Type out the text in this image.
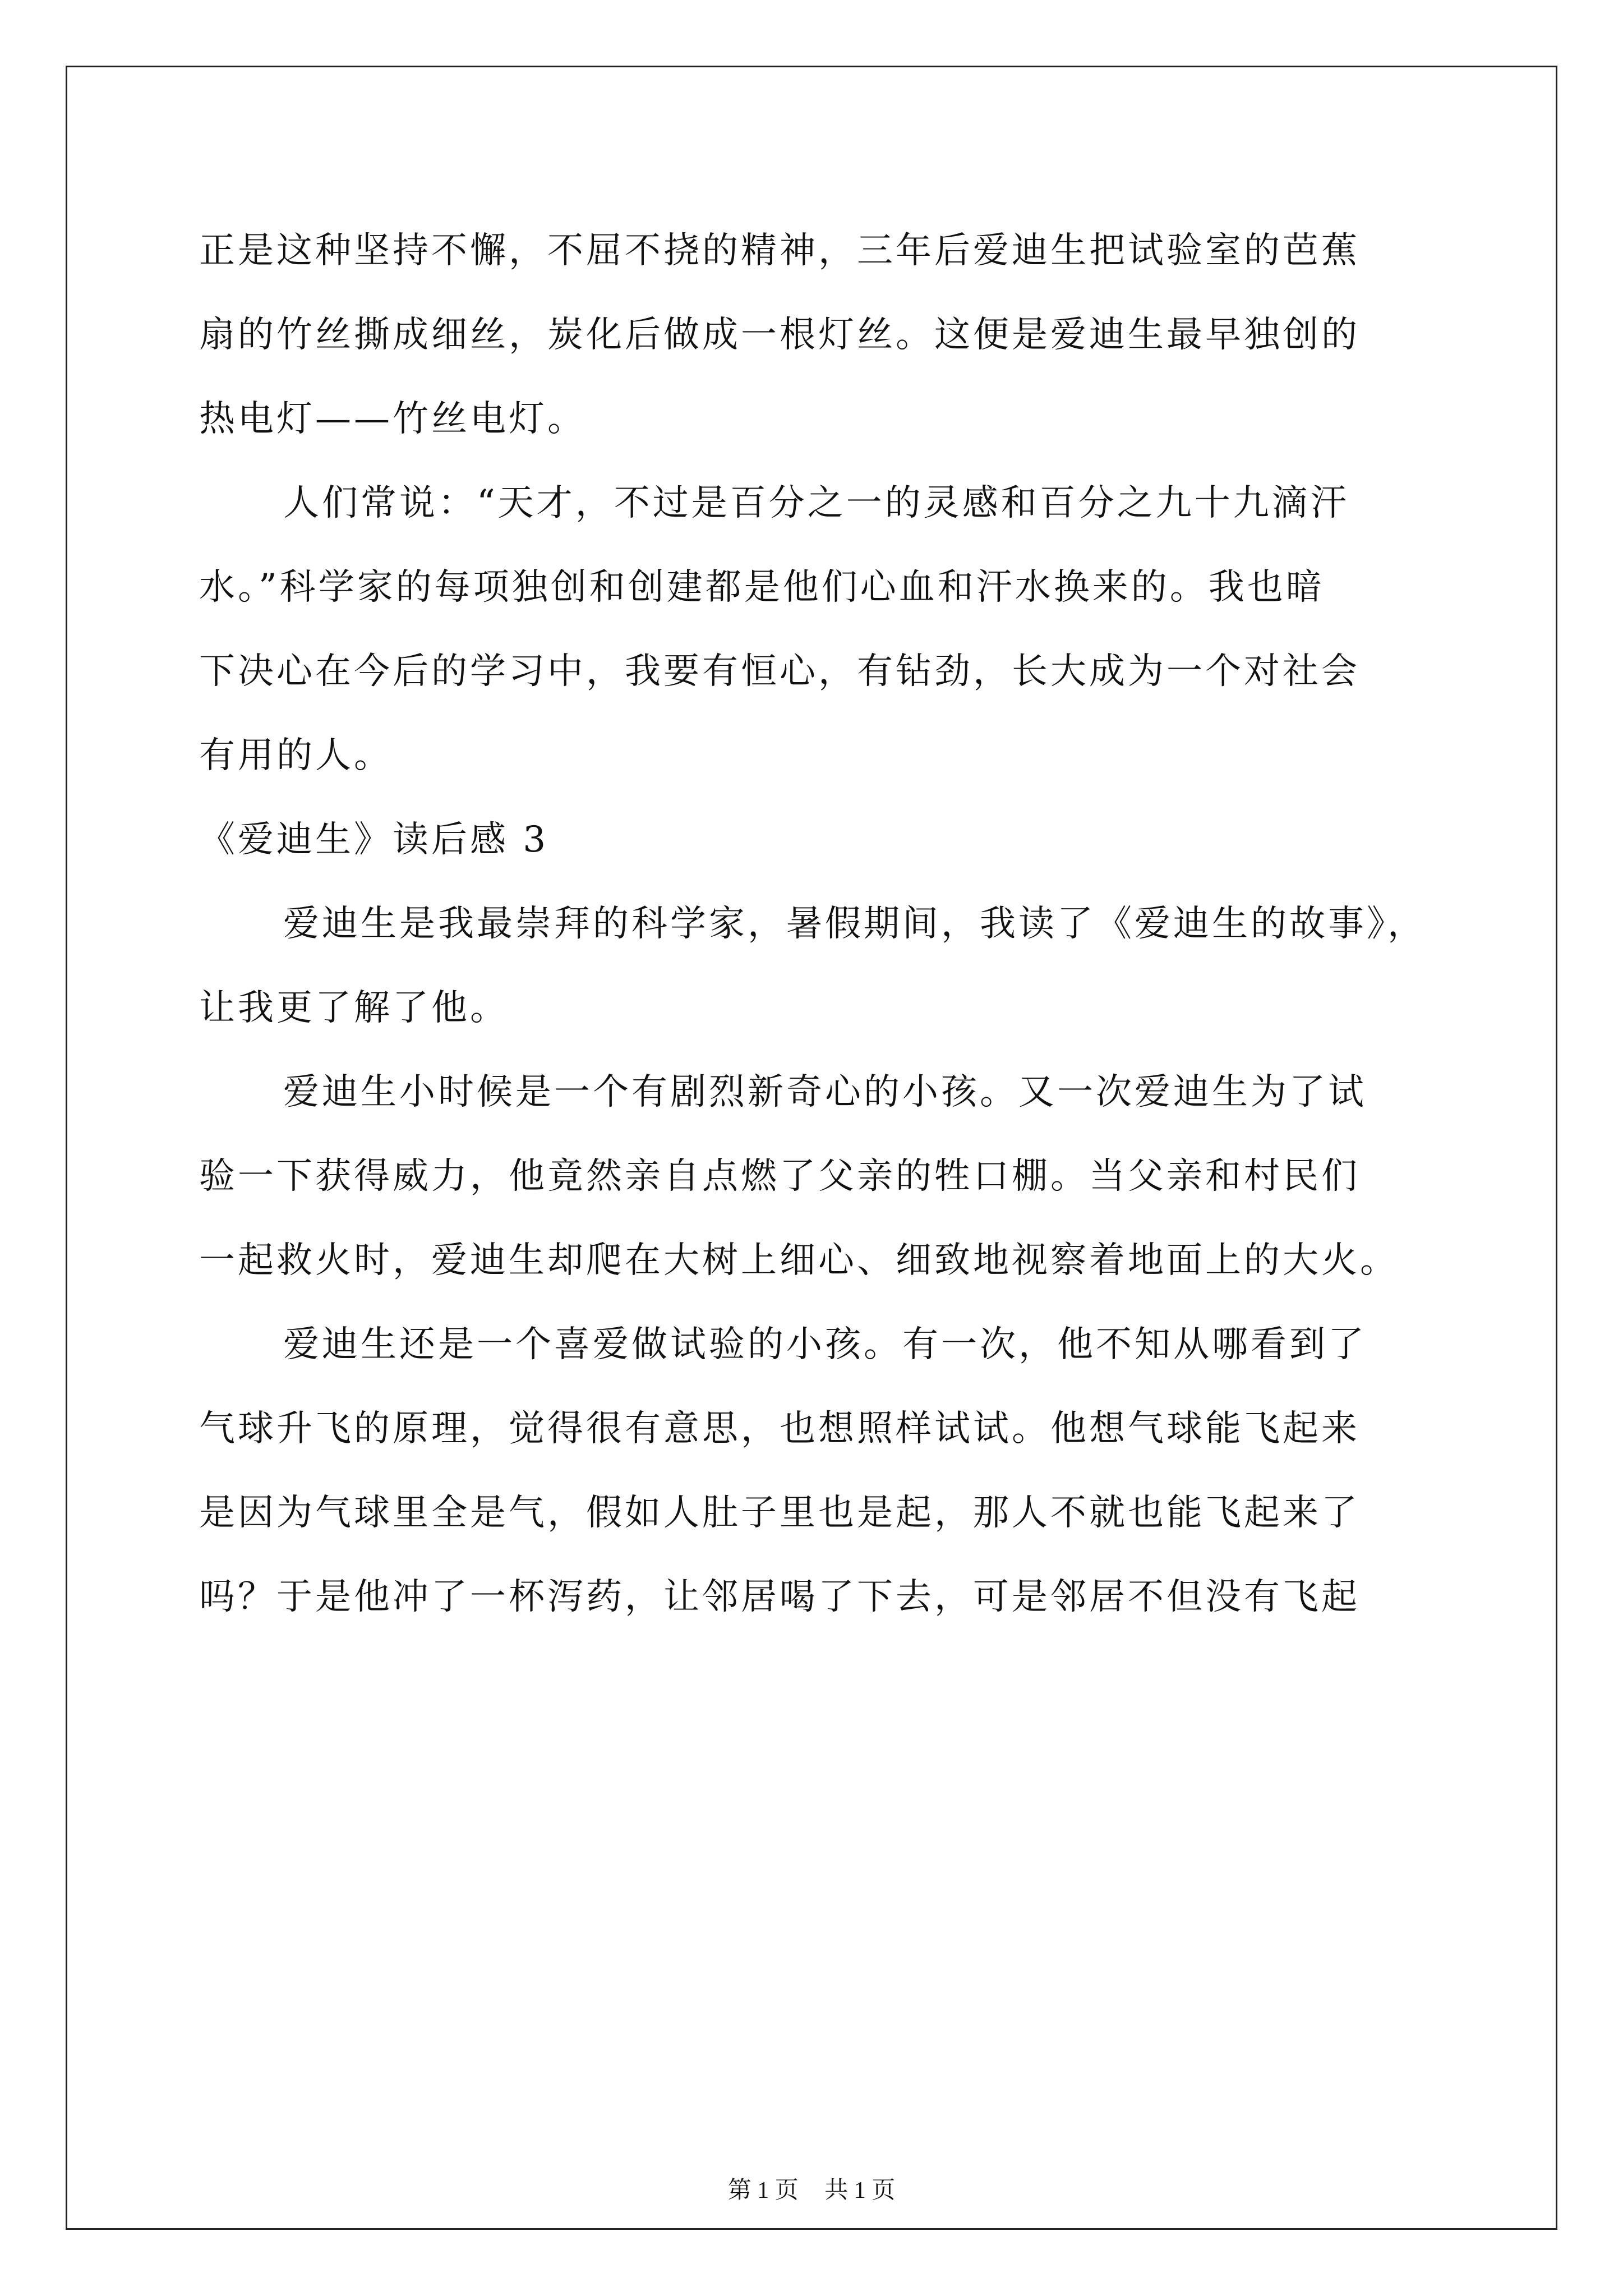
正是这种坚持不懈，不屈不挠的精神，三年后爱迪生把试验室的芭蕉
扇的竹丝撕成细丝，炭化后做成一根灯丝。这便是爱迪生最早独创的
热电灯——竹丝电灯。
人们常说：“天才，不过是百分之一的灵感和百分之九十九滴汗
水。”科学家的每项独创和创建都是他们心血和汗水换来的。我也暗
下决心在今后的学习中，我要有恒心，有钻劲，长大成为一个对社会
有用的人。
《爱迪生》读后感 3
爱迪生是我最崇拜的科学家，暑假期间，我读了《爱迪生的故事》，
让我更了解了他。
爱迪生小时候是一个有剧烈新奇心的小孩。又一次爱迪生为了试
验一下获得威力，他竟然亲自点燃了父亲的牲口棚。当父亲和村民们
一起救火时，爱迪生却爬在大树上细心、细致地视察着地面上的大火。
爱迪生还是一个喜爱做试验的小孩。有一次，他不知从哪看到了
气球升飞的原理，觉得很有意思，也想照样试试。他想气球能飞起来
是因为气球里全是气，假如人肚子里也是起，那人不就也能飞起来了
吗？于是他冲了一杯泻药，让邻居喝了下去，可是邻居不但没有飞起
第 1 页 共 1 页
